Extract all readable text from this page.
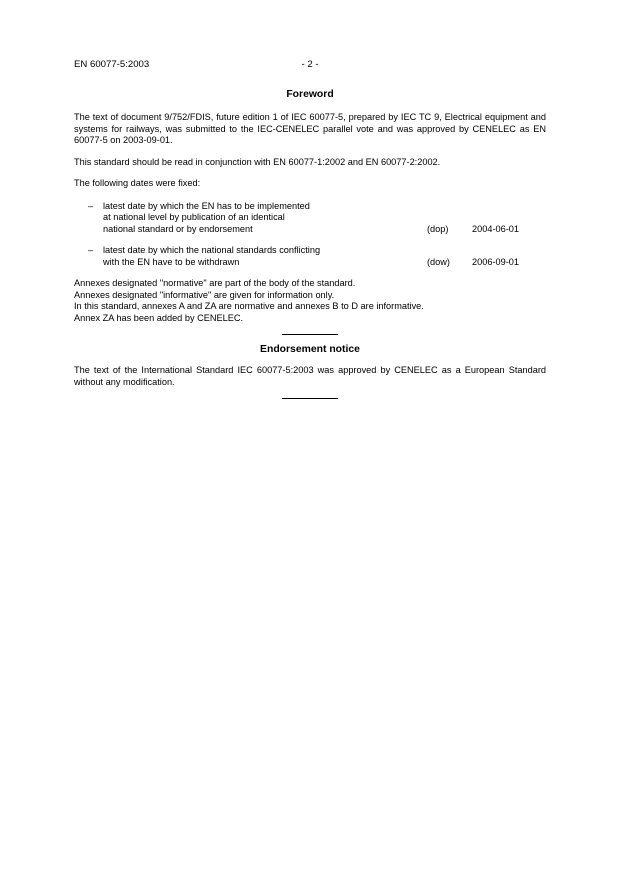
EN 60077-5:2003	- 2 -
Foreword

The text of document 9/752/FDIS, future edition 1 of IEC 60077-5, prepared by IEC TC 9, Electrical equipment and systems for railways, was submitted to the IEC-CENELEC parallel vote and was approved by CENELEC as EN 60077-5 on 2003-09-01.

This standard should be read in conjunction with EN 60077-1:2002 and EN 60077-2:2002.

The following dates were fixed:

– latest date by which the EN has to be implemented
at national level by publication of an identical
national standard or by endorsement	(dop)	2004-06-01
– latest date by which the national standards conflicting
with the EN have to be withdrawn	(dow) 2006-09-01
Annexes designated "normative" are part of the body of the standard.
Annexes designated "informative" are given for information only.
In this standard, annexes A and ZA are normative and annexes B to D are informative.
Annex ZA has been added by CENELEC.
Endorsement notice

The text of the International Standard IEC 60077-5:2003 was approved by CENELEC as a European Standard without any modification.
